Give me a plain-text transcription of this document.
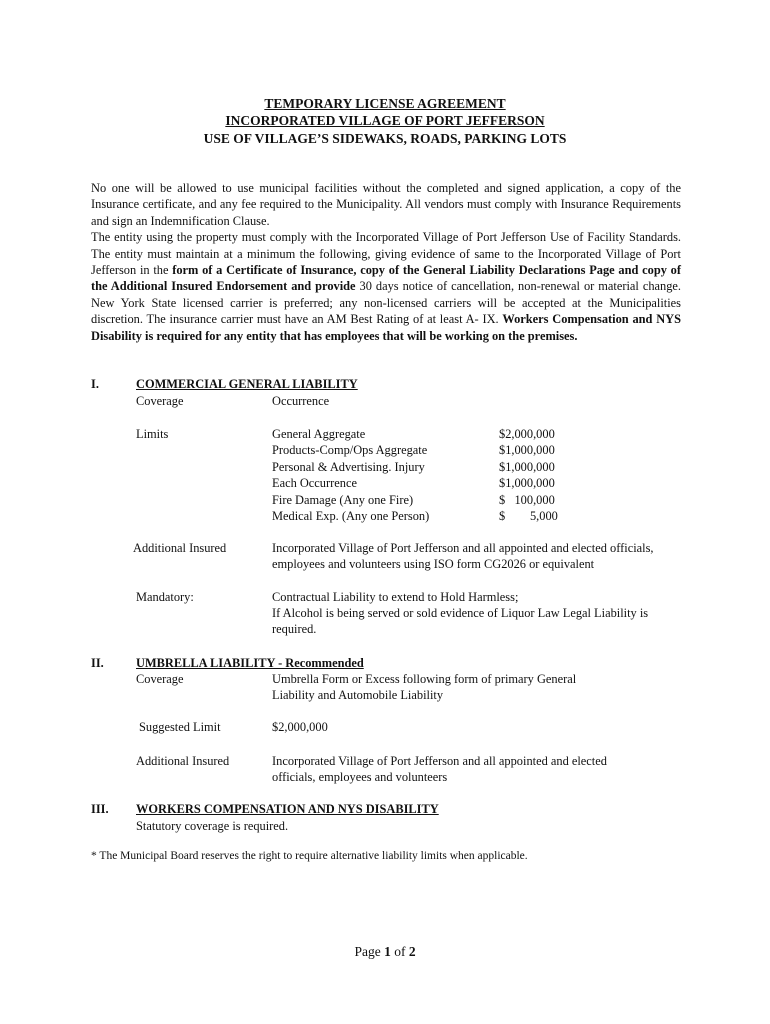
TEMPORARY LICENSE AGREEMENT
INCORPORATED VILLAGE OF PORT JEFFERSON
USE OF VILLAGE’S SIDEWAKS, ROADS, PARKING LOTS

No one will be allowed to use municipal facilities without the completed and signed application, a copy of the Insurance certificate, and any fee required to the Municipality. All vendors must comply with Insurance Requirements and sign an Indemnification Clause.

The entity using the property must comply with the Incorporated Village of Port Jefferson Use of Facility Standards. The entity must maintain at a minimum the following, giving evidence of same to the Incorporated Village of Port Jefferson in the form of a Certificate of Insurance, copy of the General Liability Declarations Page and copy of the Additional Insured Endorsement and provide 30 days notice of cancellation, non-renewal or material change. New York State licensed carrier is preferred; any non-licensed carriers will be accepted at the Municipalities discretion. The insurance carrier must have an AM Best Rating of at least A- IX. Workers Compensation and NYS Disability is required for any entity that has employees that will be working on the premises.

I.	COMMERCIAL GENERAL LIABILITY
Coverage	Occurrence
Limits	General Aggregate	$2,000,000
Products-Comp/Ops Aggregate	$1,000,000
Personal & Advertising. Injury	$1,000,000
Each Occurrence	$1,000,000
Fire Damage (Any one Fire)	$   100,000
Medical Exp. (Any one Person)	$        5,000
Additional Insured	Incorporated Village of Port Jefferson and all appointed and elected officials, employees and volunteers using ISO form CG2026 or equivalent
Mandatory:	Contractual Liability to extend to Hold Harmless;
If Alcohol is being served or sold evidence of Liquor Law Legal Liability is required.
II.	UMBRELLA LIABILITY - Recommended
Coverage	Umbrella Form or Excess following form of primary General Liability and Automobile Liability
Suggested Limit	$2,000,000
Additional Insured	Incorporated Village of Port Jefferson and all appointed and elected officials, employees and volunteers
III. WORKERS COMPENSATION AND NYS DISABILITY
Statutory coverage is required.
* The Municipal Board reserves the right to require alternative liability limits when applicable.
Page 1 of 2
